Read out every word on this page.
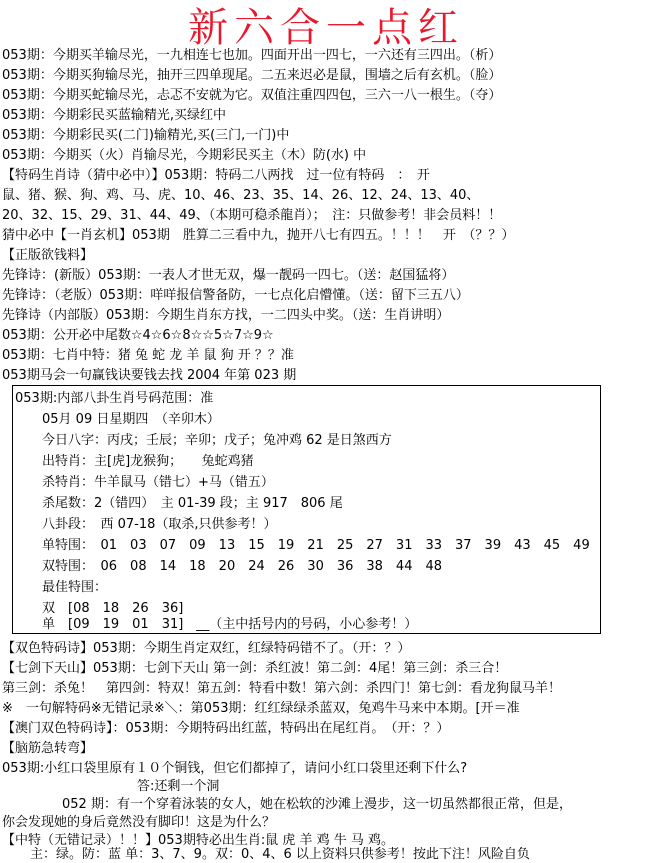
新六合一点红
053期：今期买羊输尽光，一九相连七也加。四面开出一四七，一六还有三四出。（析）
053期：今期买狗输尽光，抽开三四单现尾。二五来迟必是鼠，围墙之后有玄机。（脸）
053期：今期买蛇输尽光，忐忑不安就为它。双值注重四四包，三六一八一根生。（夺）
053期：今期彩民买蓝输精光,买绿红中
053期：今期彩民买(二门)输精光,买(三门,一门)中
053期：今期买（火）肖输尽光，今期彩民买主（木）防(水) 中
【特码生肖诗（猜中必中）】053期：特码二八两找　过一位有特码　：　开
鼠、猪、猴、狗、鸡、马、虎、10、46、23、35、14、26、12、24、13、40、
20、32、15、29、31、44、49、（本期可稳杀龍肖）；　注：只做参考！非会员料！！
猜中必中【一肖玄机】053期　胜算二三看中九，抛开八七有四五。！！！　开　（？？）
【正版欲钱料】
先锋诗：(新版）053期：一表人才世无双，爆一靓码一四七。（送：赵国猛将）
先锋诗：（老版）053期：咩咩报信警备防，一七点化启懵懂。（送：留下三五八）
先锋诗（内部版）053期：今期生肖东方找，一二四头中奖。（送：生肖讲明）
053期：公开必中尾数☆4☆6☆8☆☆5☆7☆9☆
053期：七肖中特：猪 兔 蛇 龙 羊 鼠 狗 开 ？？准
053期:内部八卦生肖号码范围：准
05月 09 日星期四　（辛卯木）
今日八字：丙戌；壬辰；辛卯；戊子；兔冲鸡 62 是日煞西方
出特肖：主[虎]龙猴狗；　　兔蛇鸡猪
杀特肖：牛羊鼠马（错七）+马（错五）
杀尾数：2（错四）　主 01-39 段；主 917　806 尾
八卦段：　西 07-18（取杀,只供参考！）
单特围：　01　03　07　09　13　15　19　21　25　27　31　33　37　39　43　45　49
双特围：　06　08　14　18　20　24　26　30　36　38　44　48
最佳特围：
双　[08　18　26　36]
单　[09　19　01　31]　__（主中括号内的号码，小心参考！）
【双色特码诗】053期：今期生肖定双红，红绿特码错不了。（开：？）
【七剑下天山】053期：七剑下天山 第一剑：杀红波！第二剑：4尾！第三剑：杀三合！
第三剑：杀兔！　第四剑：特双！第五剑：特看中数！第六剑：杀四门！第七剑：看龙狗鼠马羊！
※　一句解特码※无错记录※＼：第053期：红红绿绿杀蓝双，兔鸡牛马来中本期。[开＝准
【澳门双色特码诗】：053期：今期特码出红蓝，特码出在尾红肖。　（开：？）
【脑筋急转弯】
053期:小红口袋里原有１０个铜钱，但它们都掉了，请问小红口袋里还剩下什么?
答:还剩一个洞
052 期：有一个穿着泳装的女人，她在松软的沙滩上漫步，这一切虽然都很正常，但是，
你会发现她的身后竟然没有脚印！这是为什么？
【中特（无错记录）！！】053期特必出生肖:鼠 虎 羊 鸡 牛 马 鸡。
主：绿。防：蓝 单：3、7、9。双：0、4、6 以上资料只供参考！按此下注！风险自负
053期马会一句赢钱诀要钱去找 2004 年第 023 期
